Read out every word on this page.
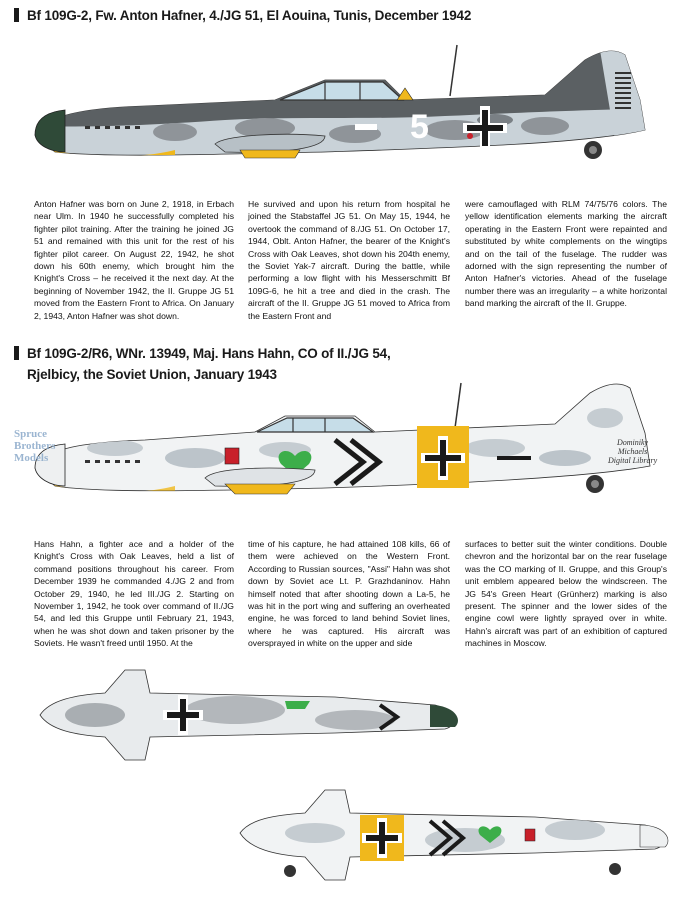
Bf 109G-2, Fw. Anton Hafner, 4./JG 51, El Aouina, Tunis, December 1942
5
Anton Hafner was born on June 2, 1918, in Erbach near Ulm. In 1940 he successfully completed his fighter pilot training. After the training he joined JG 51 and remained with this unit for the rest of his fighter pilot career. On August 22, 1942, he shot down his 60th enemy, which brought him the Knight's Cross – he received it the next day. At the beginning of November 1942, the II. Gruppe JG 51 moved from the Eastern Front to Africa. On January 2, 1943, Anton Hafner was shot down.
He survived and upon his return from hospital he joined the Stabstaffel JG 51. On May 15, 1944, he overtook the command of 8./JG 51. On October 17, 1944, Oblt. Anton Hafner, the bearer of the Knight's Cross with Oak Leaves, shot down his 204th enemy, the Soviet Yak-7 aircraft. During the battle, while performing a low flight with his Messerschmitt Bf 109G-6, he hit a tree and died in the crash. The aircraft of the II. Gruppe JG 51 moved to Africa from the Eastern Front and
were camouflaged with RLM 74/75/76 colors. The yellow identification elements marking the aircraft operating in the Eastern Front were repainted and substituted by white complements on the wingtips and on the tail of the fuselage. The rudder was adorned with the sign representing the number of Anton Hafner's victories. Ahead of the fuselage number there was an irregularity – a white horizontal band marking the aircraft of the II. Gruppe.
Bf 109G-2/R6, WNr. 13949, Maj. Hans Hahn, CO of II./JG 54,
Rjelbicy, the Soviet Union, January 1943
Spruce
Brothers
Models
Dominiky
Michaels
Digital Library
Hans Hahn, a fighter ace and a holder of the Knight's Cross with Oak Leaves, held a list of command positions throughout his career. From December 1939 he commanded 4./JG 2 and from October 29, 1940, he led III./JG 2. Starting on November 1, 1942, he took over command of II./JG 54, and led this Gruppe until February 21, 1943, when he was shot down and taken prisoner by the Soviets. He wasn't freed until 1950. At the
time of his capture, he had attained 108 kills, 66 of them were achieved on the Western Front. According to Russian sources, "Assi" Hahn was shot down by Soviet ace Lt. P. Grazhdaninov. Hahn himself noted that after shooting down a La-5, he was hit in the port wing and suffering an overheated engine, he was forced to land behind Soviet lines, where he was captured. His aircraft was oversprayed in white on the upper and side
surfaces to better suit the winter conditions. Double chevron and the horizontal bar on the rear fuselage was the CO marking of II. Gruppe, and this Group's unit emblem appeared below the windscreen. The JG 54's Green Heart (Grünherz) marking is also present. The spinner and the lower sides of the engine cowl were lightly sprayed over in white. Hahn's aircraft was part of an exhibition of captured machines in Moscow.
